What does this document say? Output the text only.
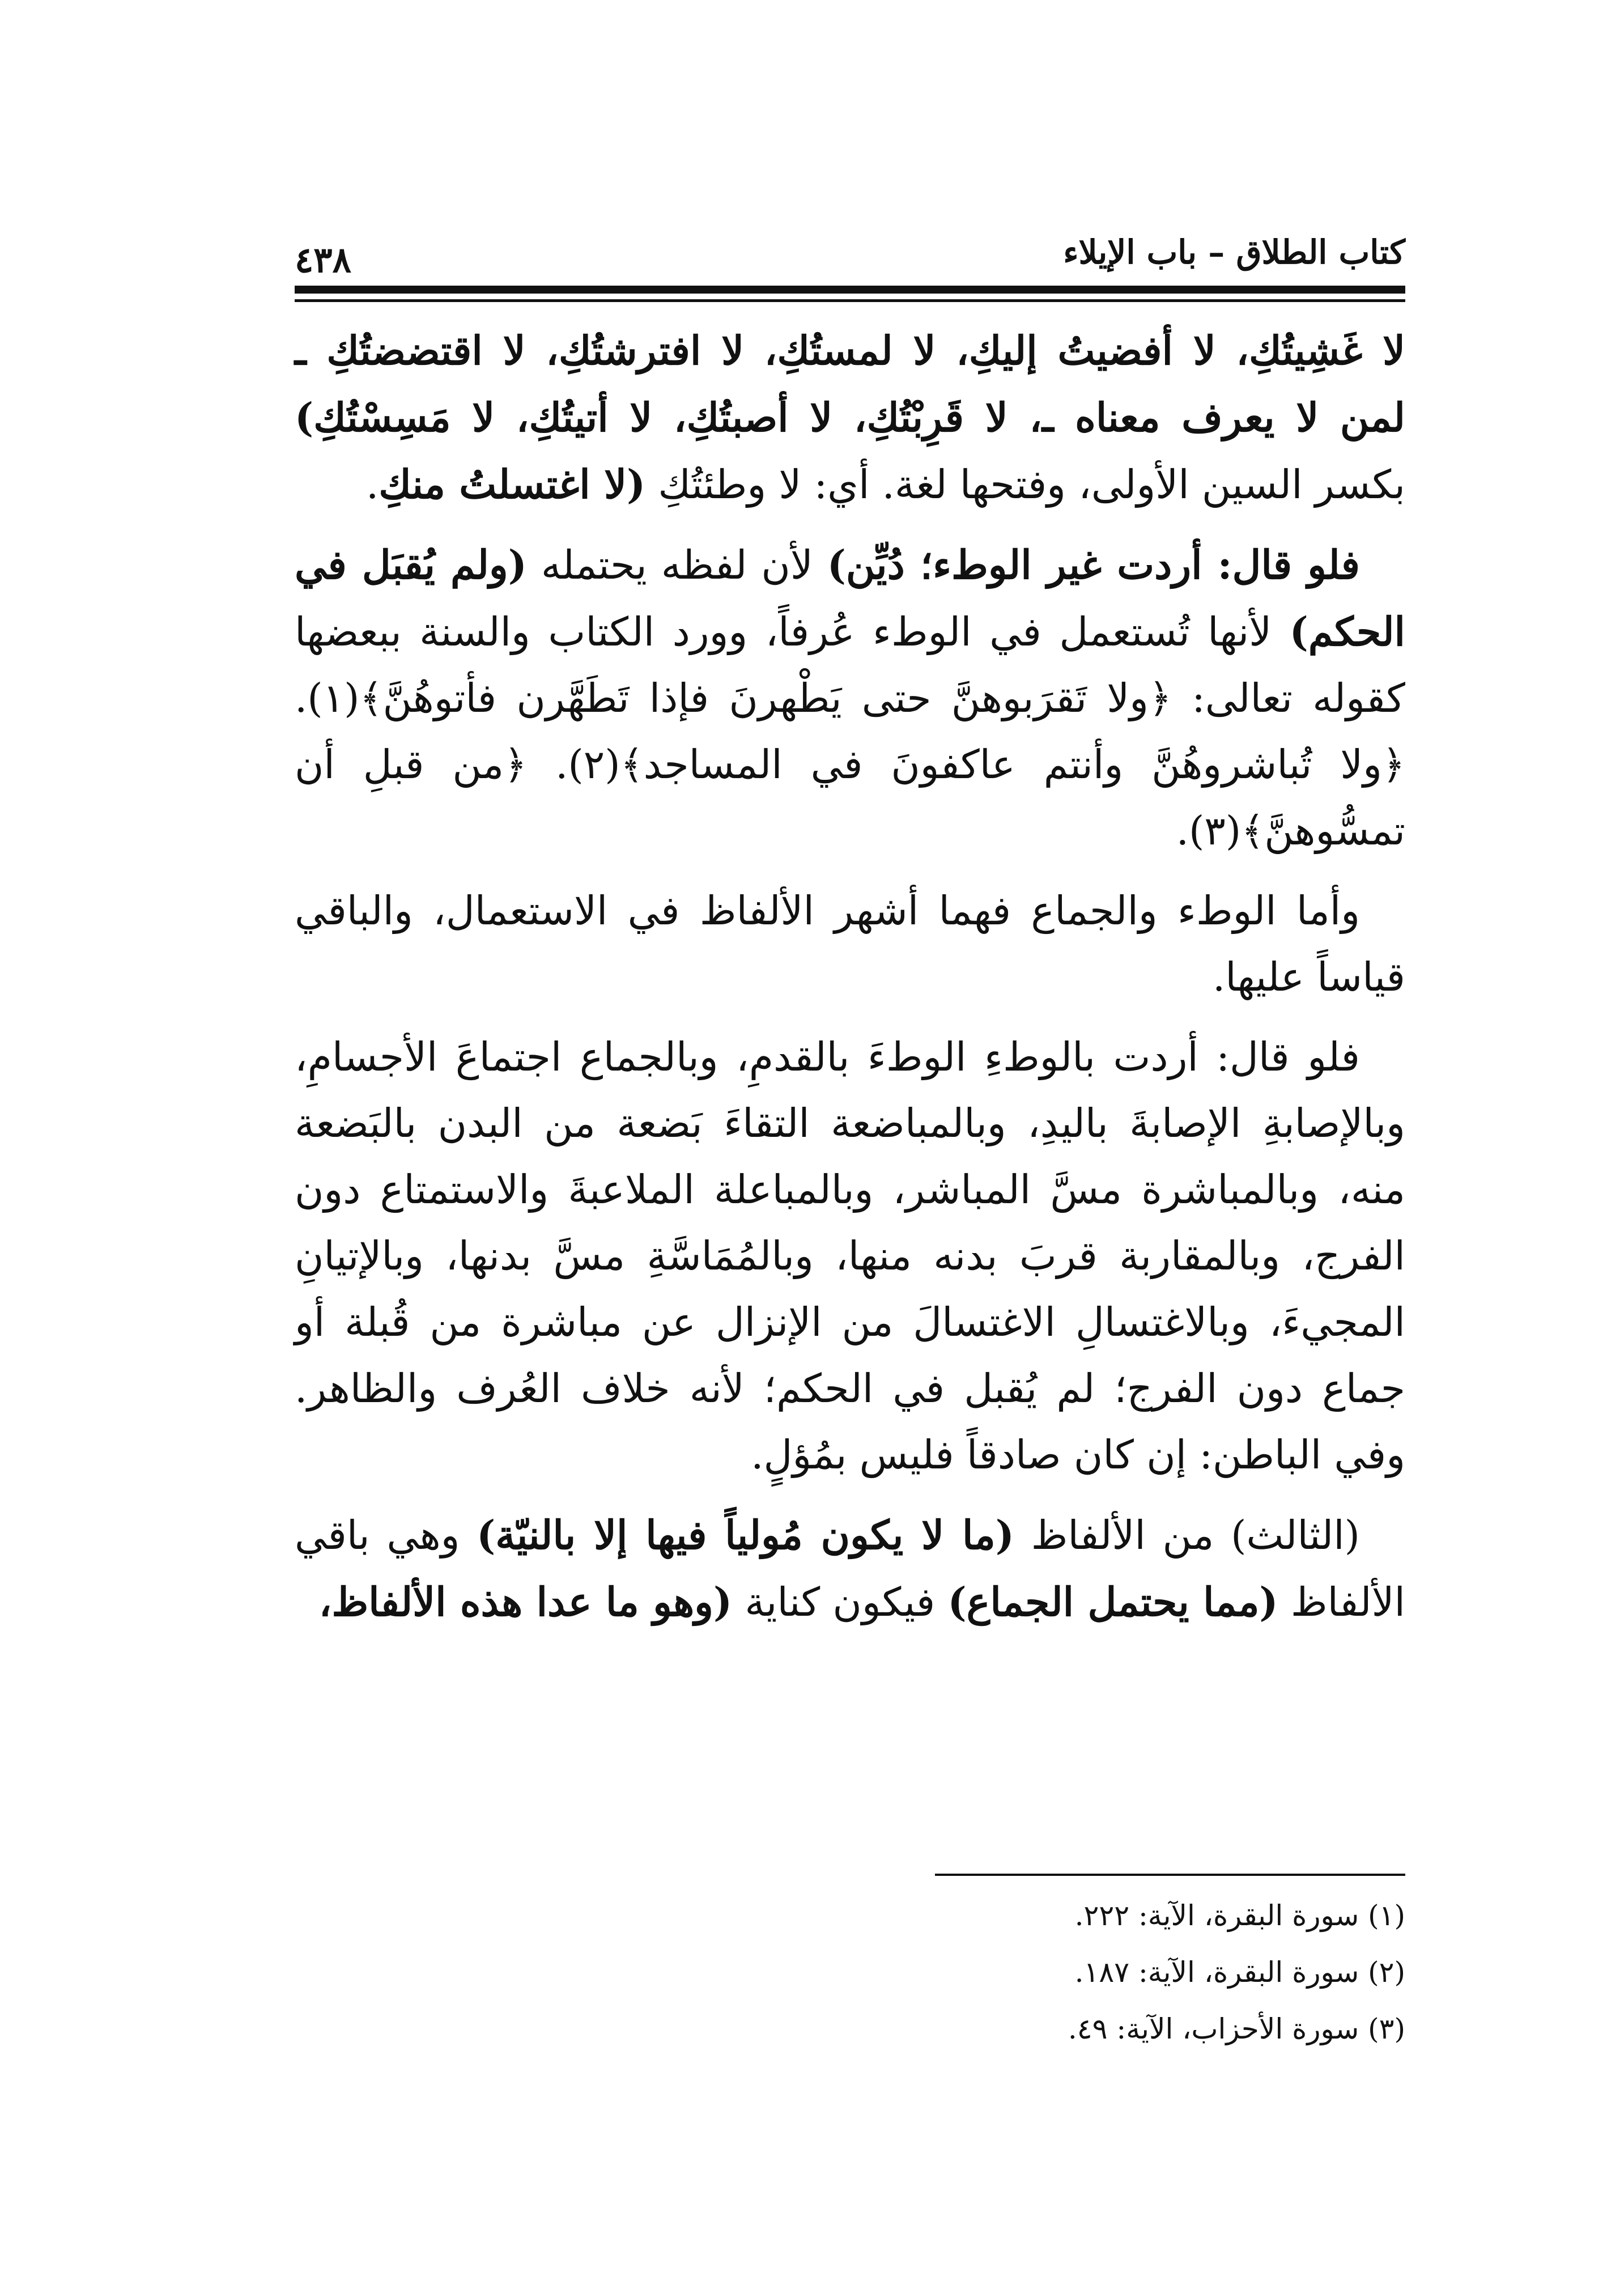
كتاب الطلاق – باب الإيلاء
٤٣٨

لا غَشِيتُكِ، لا أفضيتُ إليكِ، لا لمستُكِ، لا افترشتُكِ، لا اقتضضتُكِ ـ لمن لا يعرف معناه ـ، لا قَرِبْتُكِ، لا أصبتُكِ، لا أتيتُكِ، لا مَسِسْتُكِ) بكسر السين الأولى، وفتحها لغة. أي: لا وطئتُكِ (لا اغتسلتُ منكِ.

فلو قال: أردت غير الوطء؛ دُيِّن) لأن لفظه يحتمله (ولم يُقبَل في الحكم) لأنها تُستعمل في الوطء عُرفاً، وورد الكتاب والسنة ببعضها كقوله تعالى: ﴿ولا تَقرَبوهنَّ حتى يَطْهرنَ فإذا تَطَهَّرن فأتوهُنَّ﴾(١). ﴿ولا تُباشروهُنَّ وأنتم عاكفونَ في المساجد﴾(٢). ﴿من قبلِ أن تمسُّوهنَّ﴾(٣).

وأما الوطء والجماع فهما أشهر الألفاظ في الاستعمال، والباقي قياساً عليها.

فلو قال: أردت بالوطءِ الوطءَ بالقدمِ، وبالجماع اجتماعَ الأجسامِ، وبالإصابةِ الإصابةَ باليدِ، وبالمباضعة التقاءَ بَضعة من البدن بالبَضعة منه، وبالمباشرة مسَّ المباشر، وبالمباعلة الملاعبةَ والاستمتاع دون الفرج، وبالمقاربة قربَ بدنه منها، وبالمُمَاسَّةِ مسَّ بدنها، وبالإتيانِ المجيءَ، وبالاغتسالِ الاغتسالَ من الإنزال عن مباشرة من قُبلة أو جماع دون الفرج؛ لم يُقبل في الحكم؛ لأنه خلاف العُرف والظاهر. وفي الباطن: إن كان صادقاً فليس بمُؤلٍ.

(الثالث) من الألفاظ (ما لا يكون مُولياً فيها إلا بالنيّة) وهي باقي الألفاظ (مما يحتمل الجماع) فيكون كناية (وهو ما عدا هذه الألفاظ،

(١) سورة البقرة، الآية: ٢٢٢.
(٢) سورة البقرة، الآية: ١٨٧.
(٣) سورة الأحزاب، الآية: ٤٩.
